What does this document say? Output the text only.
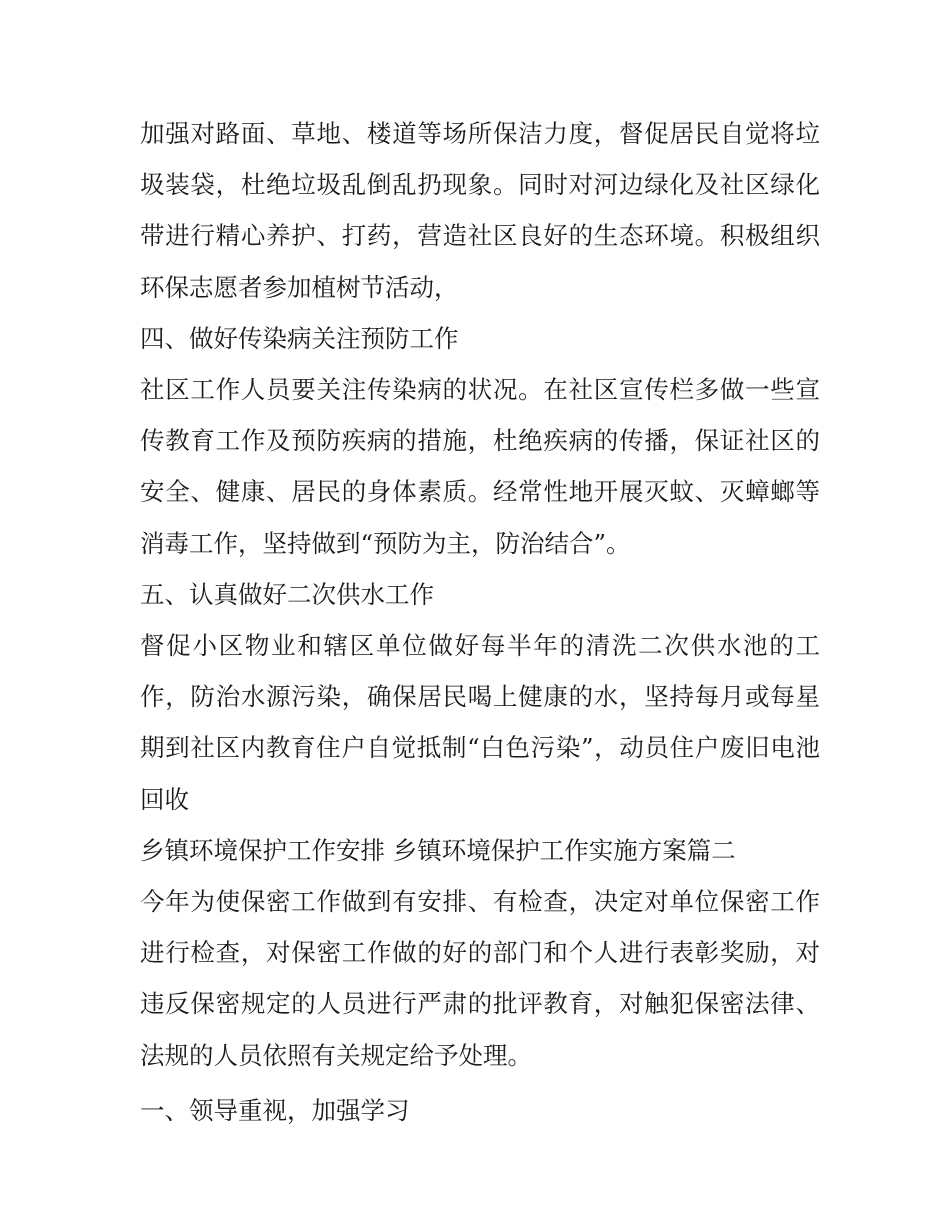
加强对路面、草地、楼道等场所保洁力度，督促居民自觉将垃圾装袋，杜绝垃圾乱倒乱扔现象。同时对河边绿化及社区绿化带进行精心养护、打药，营造社区良好的生态环境。积极组织环保志愿者参加植树节活动，

四、做好传染病关注预防工作

社区工作人员要关注传染病的状况。在社区宣传栏多做一些宣传教育工作及预防疾病的措施，杜绝疾病的传播，保证社区的安全、健康、居民的身体素质。经常性地开展灭蚊、灭蟑螂等消毒工作，坚持做到“预防为主，防治结合”。

五、认真做好二次供水工作

督促小区物业和辖区单位做好每半年的清洗二次供水池的工作，防治水源污染，确保居民喝上健康的水，坚持每月或每星期到社区内教育住户自觉抵制“白色污染”，动员住户废旧电池回收

乡镇环境保护工作安排 乡镇环境保护工作实施方案篇二

今年为使保密工作做到有安排、有检查，决定对单位保密工作进行检查，对保密工作做的好的部门和个人进行表彰奖励，对违反保密规定的人员进行严肃的批评教育，对触犯保密法律、法规的人员依照有关规定给予处理。

一、领导重视，加强学习
